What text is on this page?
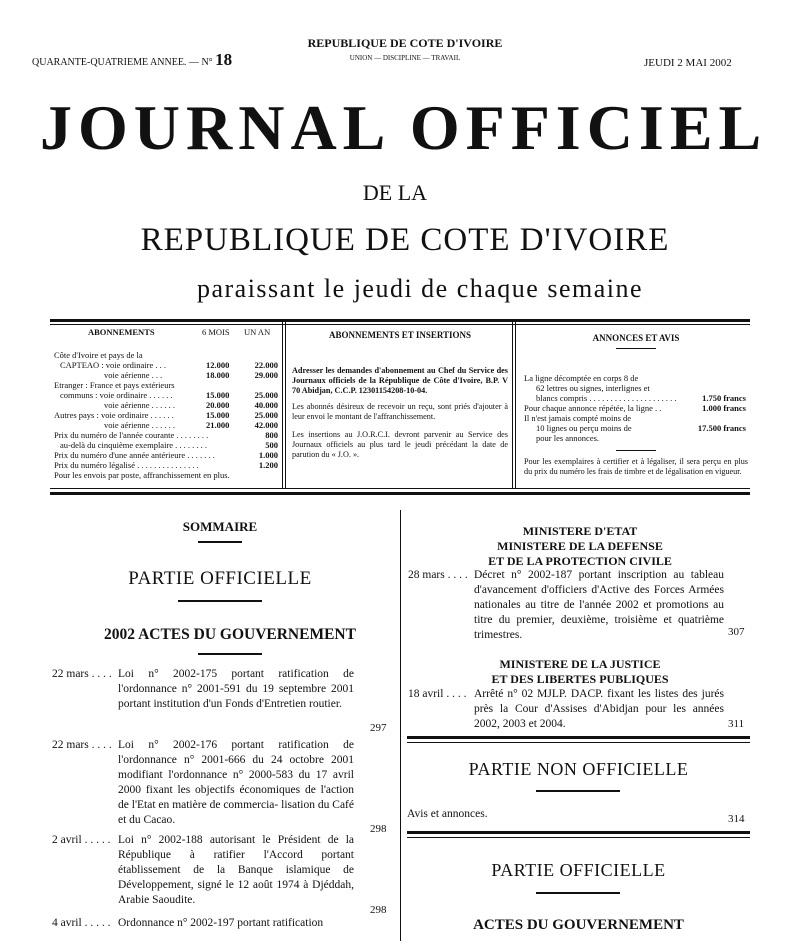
QUARANTE-QUATRIEME ANNEE. — N° 18
REPUBLIQUE DE COTE D'IVOIRE
UNION — DISCIPLINE — TRAVAIL	JEUDI 2 MAI 2002
JOURNAL OFFICIEL
DE LA
REPUBLIQUE DE COTE D'IVOIRE
paraissant le jeudi de chaque semaine
ABONNEMENTS	6 MOIS UN AN
Côte d'Ivoire et pays de la
CAPTEAO : voie ordinaire . . .	12.000	22.000
voie aérienne . . .	18.000	29.000
Etranger : France et pays extérieurs
communs : voie ordinaire . . . . . .	15.000	25.000
voie aérienne . . . . . .	20.000	40.000
Autres pays : voie ordinaire . . . . . .	15.000	25.000
voie aérienne . . . . . .	21.000	42.000
Prix du numéro de l'année courante . . . . . . . .	800
au-delà du cinquième exemplaire . . . . . . . .	500
Prix du numéro d'une année antérieure . . . . . . .	1.000
Prix du numéro légalisé . . . . . . . . . . . . . . .	1.200
Pour les envois par poste, affranchissement en plus.
ABONNEMENTS ET INSERTIONS
Adresser les demandes d'abonnement au Chef du Service des Journaux officiels de la République de Côte d'Ivoire, B.P. V 70 Abidjan, C.C.P. 12301154208-10-04.
Les abonnés désireux de recevoir un reçu, sont priés d'ajouter à leur envoi le montant de l'affranchissement.
Les insertions au J.O.R.C.I. devront parvenir au Service des Journaux officiels au plus tard le jeudi précédant la date de parution du « J.O. ».
ANNONCES ET AVIS
La ligne décomptée en corps 8 de
62 lettres ou signes, interlignes et
blancs compris . . . . . . . . . . . . . . . . . . . . .	1.750 francs
Pour chaque annonce répétée, la ligne . .	1.000 francs
Il n'est jamais compté moins de
10 lignes ou perçu moins de	17.500 francs
pour les annonces.
Pour les exemplaires à certifier et à légaliser, il sera perçu en plus du prix du numéro les frais de timbre et de légalisation en vigueur.
SOMMAIRE
PARTIE OFFICIELLE
2002 ACTES DU GOUVERNEMENT
22 mars . . . . Loi n° 2002-175 portant ratification de l'ordonnance n° 2001-591 du 19 septembre 2001 portant institution d'un Fonds d'Entretien routier.
297
22 mars . . . . Loi n° 2002-176 portant ratification de l'ordonnance n° 2001-666 du 24 octobre 2001 modifiant l'ordonnance n° 2000-583 du 17 avril 2000 fixant les objectifs économiques de l'action de l'Etat en matière de commercia- lisation du Café et du Cacao.
298
2 avril . . . . . Loi n° 2002-188 autorisant le Président de la République à ratifier l'Accord portant établissement de la Banque islamique de Développement, signé le 12 août 1974 à Djéddah, Arabie Saoudite.
298
4 avril . . . . . Ordonnance n° 2002-197 portant ratification
MINISTERE D'ETAT
MINISTERE DE LA DEFENSE
ET DE LA PROTECTION CIVILE
28 mars . . . . Décret n° 2002-187 portant inscription au tableau d'avancement d'officiers d'Active des Forces Armées nationales au titre de l'année 2002 et promotions au titre du premier, deuxième, troisième et quatrième trimestres.	307
MINISTERE DE LA JUSTICE
ET DES LIBERTES PUBLIQUES
18 avril . . . . Arrêté n° 02 MJLP. DACP. fixant les listes des jurés près la Cour d'Assises d'Abidjan pour les années 2002, 2003 et 2004.	311
PARTIE NON OFFICIELLE
Avis et annonces.	314
PARTIE OFFICIELLE
ACTES DU GOUVERNEMENT
